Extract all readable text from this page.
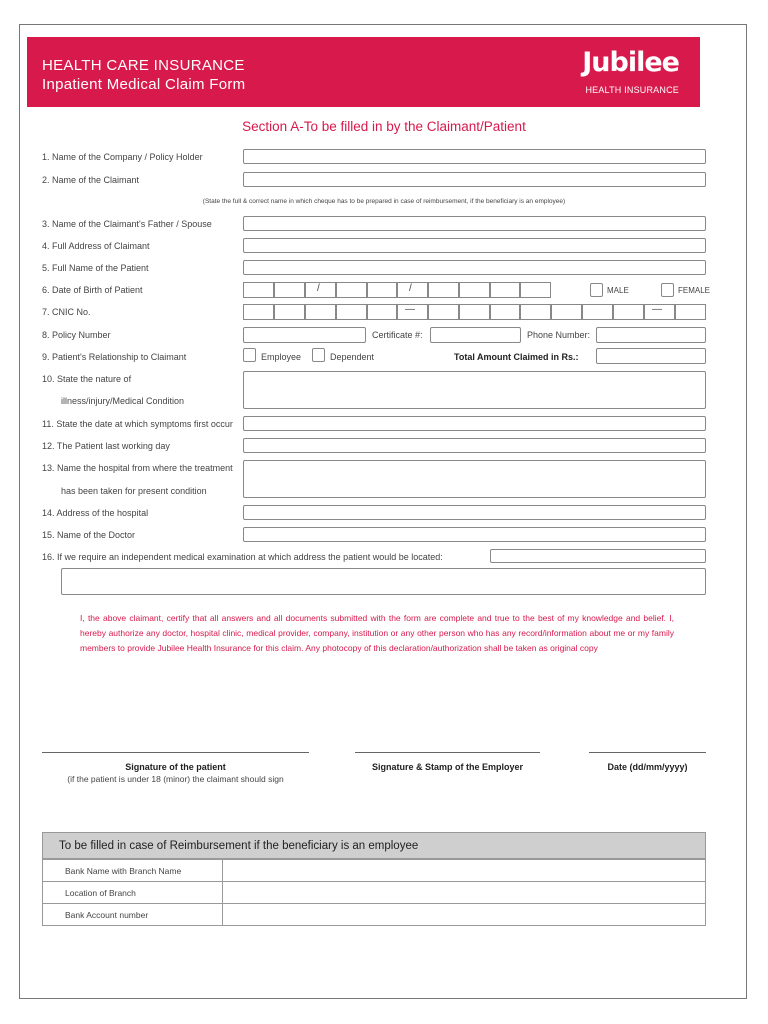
HEALTH CARE INSURANCE
Inpatient Medical Claim Form
Jubilee
HEALTH INSURANCE
Section A-To be filled in by the Claimant/Patient
1. Name of the Company / Policy Holder
2. Name of the Claimant
(State the full & correct name in which cheque has to be prepared in case of reimbursement, if the beneficiary is an employee)
3. Name of the Claimant's Father / Spouse
4. Full Address of Claimant
5. Full Name of the Patient
6. Date of Birth of Patient	/	/	MALE	FEMALE
7. CNIC No.	—	—
8. Policy Number	Certificate #:	Phone Number:
9. Patient's Relationship to Claimant	Employee	Dependent	Total Amount Claimed in Rs.:
10. State the nature of
illness/injury/Medical Condition
11. State the date at which symptoms first occur
12. The Patient last working day
13. Name the hospital from where the treatment
has been taken for present condition
14. Address of the hospital
15. Name of the Doctor
16. If we require an independent medical examination at which address the patient would be located:
I, the above claimant, certify that all answers and all documents submitted with the form are complete and true to the best of my knowledge and belief. I, hereby authorize any doctor, hospital clinic, medical provider, company, institution or any other person who has any record/information about me or my family members to provide Jubilee Health Insurance for this claim. Any photocopy of this declaration/authorization shall be taken as original copy
Signature of the patient
(if the patient is under 18 (minor) the claimant should sign
Signature & Stamp of the Employer	Date (dd/mm/yyyy)
To be filled in case of Reimbursement if the beneficiary is an employee
Bank Name with Branch Name	
Location of Branch	
Bank Account number	
